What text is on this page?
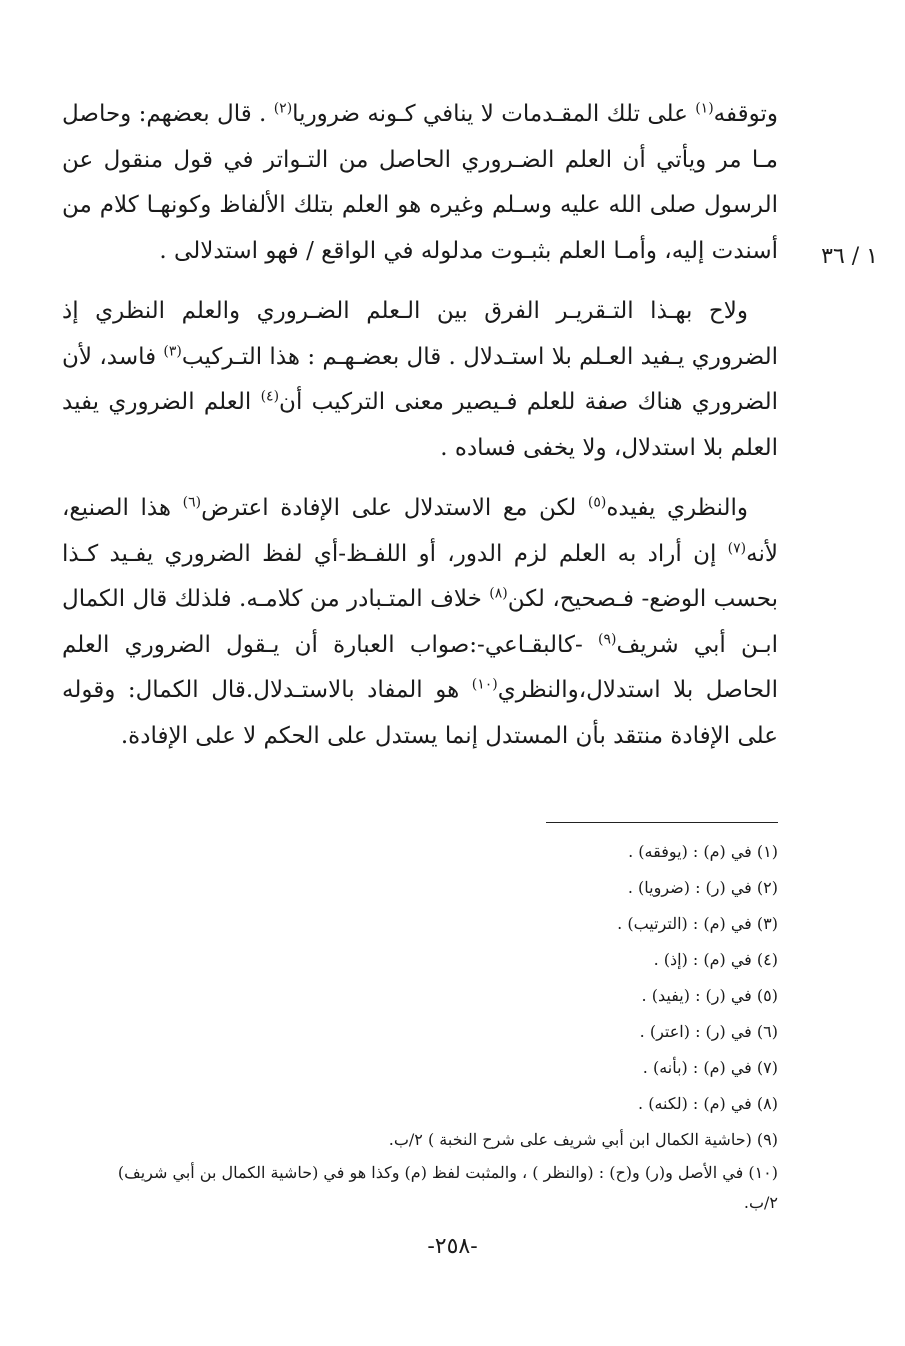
١ / ٣٦

وتوقفه$^{(١)}$ على تلك المقـدمات لا ينافي كـونه ضروريا$^{(٢)}$ . قال بعضهم: وحاصل مـا مر ويأتي أن العلم الضـروري الحاصل من التـواتر في قول منقول عن الرسول صلى الله عليه وسـلم وغيره هو العلم بتلك الألفاظ وكونهـا كلام من أسندت إليه، وأمـا العلم بثبـوت مدلوله في الواقع / فهو استدلالى .

ولاح بهـذا التـقريـر الفرق بين الـعلم الضـروري والعلم النظري إذ الضروري يـفيد العـلم بلا استـدلال . قال بعضـهـم : هذا التـركيب$^{(٣)}$ فاسد، لأن الضروري هناك صفة للعلم فـيصير معنى التركيب أن$^{(٤)}$ العلم الضروري يفيد العلم بلا استدلال، ولا يخفى فساده .

والنظري يفيده$^{(٥)}$ لكن مع الاستدلال على الإفادة اعترض$^{(٦)}$ هذا الصنيع، لأنه$^{(٧)}$ إن أراد به العلم لزم الدور، أو اللفـظ-أي لفظ الضروري يفـيد كـذا بحسب الوضع- فـصحيح، لكن$^{(٨)}$ خلاف المتـبادر من كلامـه. فلذلك قال الكمال ابـن أبي شريف$^{(٩)}$ -كالبقـاعي-:صواب العبارة أن يـقول الضروري العلم الحاصل بلا استدلال،والنظري$^{(١٠)}$ هو المفاد بالاستـدلال.قال الكمال: وقوله على الإفادة منتقد بأن المستدل إنما يستدل على الحكم لا على الإفادة.

(١) في (م) : (يوفقه) .
(٢) في (ر) : (ضرويا) .
(٣) في (م) : (الترتيب) .
(٤) في (م) : (إذ) .
(٥) في (ر) : (يفيد) .
(٦) في (ر) : (اعتر) .
(٧) في (م) : (بأنه) .
(٨) في (م) : (لكنه) .
(٩) (حاشية الكمال ابن أبي شريف على شرح النخبة ) ٢/ب.
(١٠) في الأصل و(ر) و(ح) : (والنظر ) ، والمثبت لفظ (م) وكذا هو في (حاشية الكمال بن أبي شريف) ٢/ب.
-٢٥٨-
